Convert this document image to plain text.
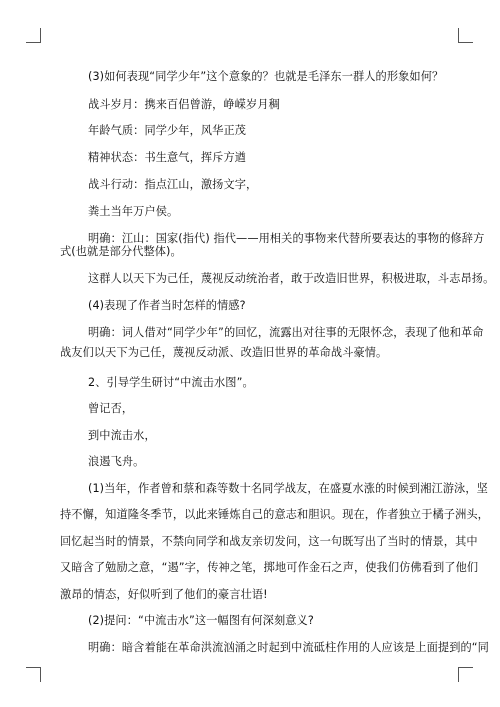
(3)如何表现“同学少年”这个意象的？也就是毛泽东一群人的形象如何？
战斗岁月：携来百侣曾游，峥嵘岁月稠
年龄气质：同学少年，风华正茂
精神状态：书生意气，挥斥方遒
战斗行动：指点江山，激扬文字，
粪土当年万户侯。
明确：江山：国家(指代) 指代——用相关的事物来代替所要表达的事物的修辞方
式(也就是部分代整体)。
这群人以天下为己任，蔑视反动统治者，敢于改造旧世界，积极进取，斗志昂扬。
(4)表现了作者当时怎样的情感?
明确：词人借对“同学少年”的回忆，流露出对往事的无限怀念，表现了他和革命
战友们以天下为己任，蔑视反动派、改造旧世界的革命战斗豪情。
2、引导学生研讨“中流击水图”。
曾记否，
到中流击水，
浪遏飞舟。
(1)当年，作者曾和蔡和森等数十名同学战友，在盛夏水涨的时候到湘江游泳，坚
持不懈，知道隆冬季节，以此来锤炼自己的意志和胆识。现在，作者独立于橘子洲头，
回忆起当时的情景，不禁向同学和战友亲切发问，这一句既写出了当时的情景，其中
又暗含了勉励之意，“遏”字，传神之笔，掷地可作金石之声，使我们仿佛看到了他们
激昂的情态，好似听到了他们的豪言壮语!
(2)提问：“中流击水”这一幅图有何深刻意义?
明确：暗含着能在革命洪流汹涌之时起到中流砥柱作用的人应该是上面提到的“同
